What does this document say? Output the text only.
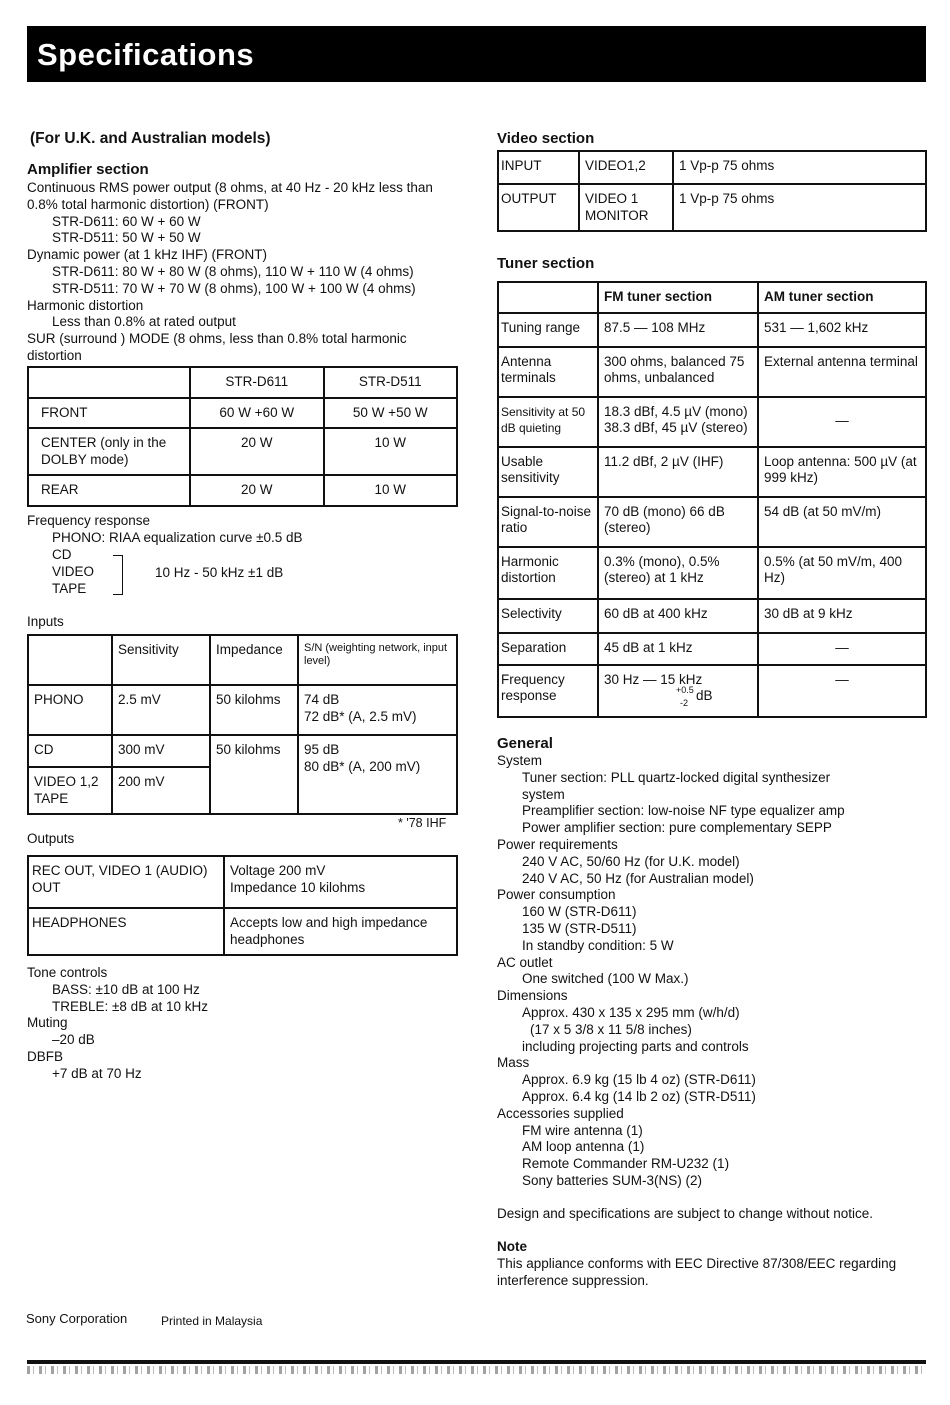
Specifications
(For U.K. and Australian models)
Amplifier section
Continuous RMS power output (8 ohms, at 40 Hz - 20 kHz less than
0.8% total harmonic distortion) (FRONT)
STR-D611: 60 W + 60 W
STR-D511: 50 W + 50 W
Dynamic power (at 1 kHz IHF) (FRONT)
STR-D611: 80 W + 80 W (8 ohms), 110 W + 110 W (4 ohms)
STR-D511: 70 W + 70 W (8 ohms), 100 W + 100 W (4 ohms)
Harmonic distortion
Less than 0.8% at rated output
SUR (surround ) MODE (8 ohms, less than 0.8% total harmonic
distortion
	STR-D611	STR-D511
FRONT	60 W +60 W	50 W +50 W
CENTER (only in the DOLBY mode)	20 W	10 W
REAR	20 W	10 W
Frequency response
PHONO: RIAA equalization curve ±0.5 dB
CD
VIDEO
TAPE
10 Hz - 50 kHz ±1 dB
Inputs
	Sensitivity	Impedance	S/N (weighting network, input level)
PHONO	2.5 mV	50 kilohms	74 dB
72 dB* (A, 2.5 mV)

CD	300 mV	50 kilohms	95 dB
80 dB* (A, 200 mV)

VIDEO 1,2 TAPE	200 mV		
* '78 IHF
Outputs
REC OUT, VIDEO 1 (AUDIO) OUT	Voltage 200 mV
Impedance 10 kilohms

HEADPHONES	Accepts low and high impedance headphones
Tone controls
BASS: ±10 dB at 100 Hz
TREBLE: ±8 dB at 10 kHz
Muting
–20 dB
DBFB
+7 dB at 70 Hz
Sony Corporation	Printed in Malaysia
Video section
INPUT	VIDEO1,2	1 Vp-p 75 ohms
OUTPUT	VIDEO 1 MONITOR	1 Vp-p 75 ohms
Tuner section
	FM tuner section	AM tuner section
Tuning range	87.5 — 108 MHz	531 — 1,602 kHz
Antenna terminals	300 ohms, balanced 75 ohms, unbalanced	External antenna terminal
Sensitivity at 50 dB quieting	18.3 dBf, 4.5 µV (mono) 38.3 dBf, 45 µV (stereo)	—
Usable sensitivity	11.2 dBf, 2 µV (IHF)	Loop antenna: 500 µV (at 999 kHz)
Signal-to-noise ratio	70 dB (mono) 66 dB (stereo)	54 dB (at 50 mV/m)
Harmonic distortion	0.3% (mono), 0.5% (stereo) at 1 kHz	0.5% (at 50 mV/m, 400 Hz)
Selectivity	60 dB at 400 kHz	30 dB at 9 kHz
Separation	45 dB at 1 kHz	—
Frequency response	30 Hz — 15 kHz
+0.5 dB
-2	—
General
System
Tuner section: PLL quartz-locked digital synthesizer
system
Preamplifier section: low-noise NF type equalizer amp
Power amplifier section: pure complementary SEPP
Power requirements
240 V AC, 50/60 Hz (for U.K. model)
240 V AC, 50 Hz (for Australian model)
Power consumption
160 W (STR-D611)
135 W (STR-D511)
In standby condition: 5 W
AC outlet
One switched (100 W Max.)
Dimensions
Approx. 430 x 135 x 295 mm (w/h/d)
(17 x 5 3/8 x 11 5/8 inches)
including projecting parts and controls
Mass
Approx. 6.9 kg (15 lb 4 oz) (STR-D611)
Approx. 6.4 kg (14 lb 2 oz) (STR-D511)
Accessories supplied
FM wire antenna (1)
AM loop antenna (1)
Remote Commander RM-U232 (1)
Sony batteries SUM-3(NS) (2)
Design and specifications are subject to change without notice.
Note
This appliance conforms with EEC Directive 87/308/EEC regarding
interference suppression.
